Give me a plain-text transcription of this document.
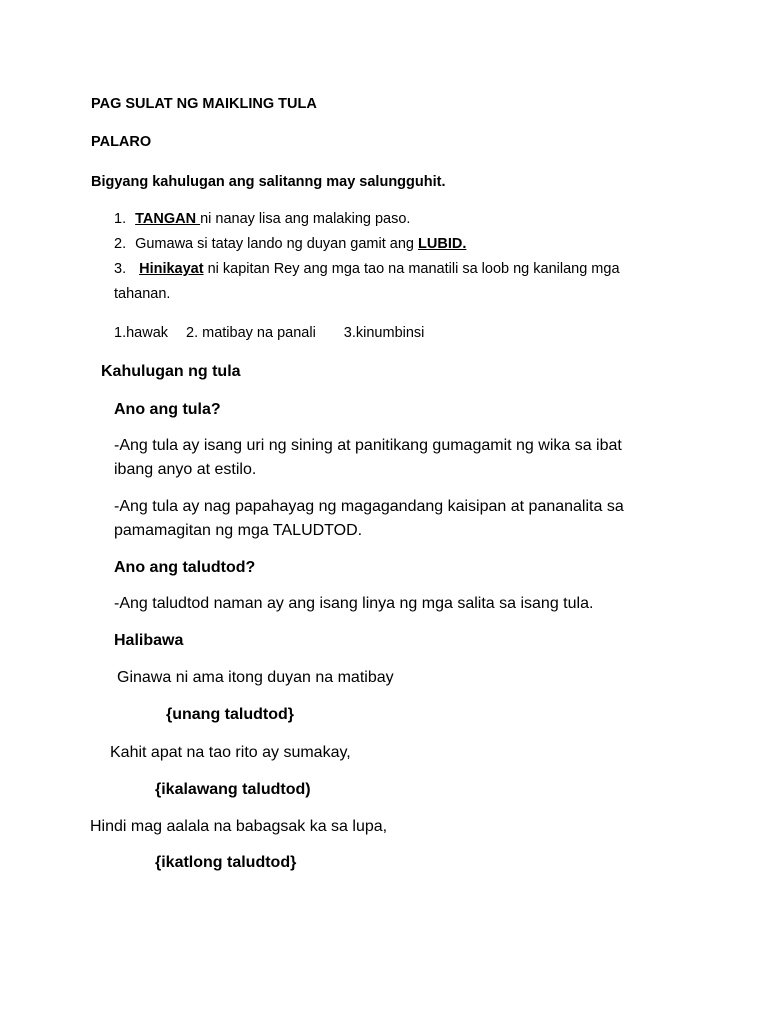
PAG SULAT NG MAIKLING TULA
PALARO
Bigyang kahulugan ang salitanng may salungguhit.
1. TANGAN ni nanay lisa ang malaking paso.
2. Gumawa si tatay lando ng duyan gamit ang LUBID.
3. Hinikayat ni kapitan Rey ang mga tao na manatili sa loob ng kanilang mga
tahanan.
1.hawak 2. matibay na panali 3.kinumbinsi
Kahulugan ng tula
Ano ang tula?
-Ang tula ay isang uri ng sining at panitikang gumagamit ng wika sa ibat
ibang anyo at estilo.
-Ang tula ay nag papahayag ng magagandang kaisipan at pananalita sa
pamamagitan ng mga TALUDTOD.
Ano ang taludtod?
-Ang taludtod naman ay ang isang linya ng mga salita sa isang tula.
Halibawa
Ginawa ni ama itong duyan na matibay
{unang taludtod}
Kahit apat na tao rito ay sumakay,
{ikalawang taludtod)
Hindi mag aalala na babagsak ka sa lupa,
{ikatlong taludtod}
